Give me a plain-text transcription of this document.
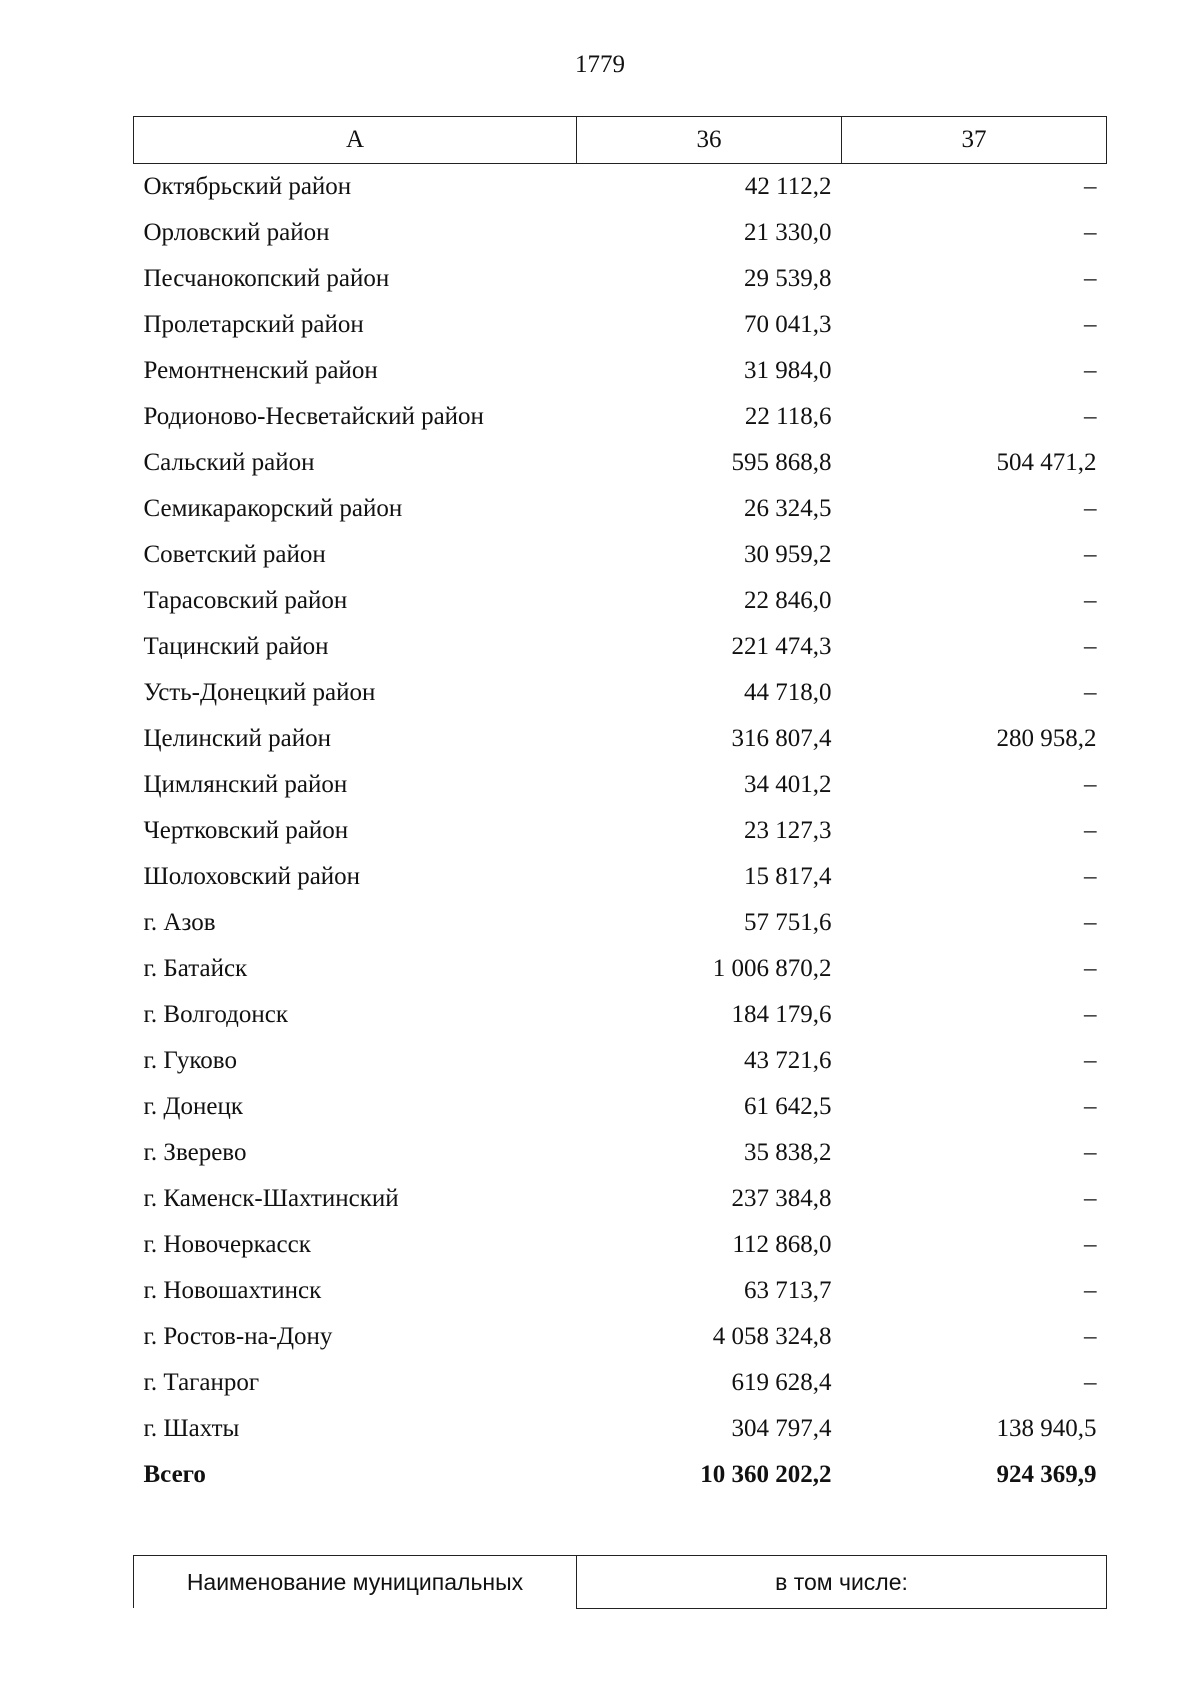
1779
А	36	37
Октябрьский район	42 112,2	–
Орловский район	21 330,0	–
Песчанокопский район	29 539,8	–
Пролетарский район	70 041,3	–
Ремонтненский район	31 984,0	–
Родионово-Несветайский район	22 118,6	–
Сальский район	595 868,8	504 471,2
Семикаракорский район	26 324,5	–
Советский район	30 959,2	–
Тарасовский район	22 846,0	–
Тацинский район	221 474,3	–
Усть-Донецкий район	44 718,0	–
Целинский район	316 807,4	280 958,2
Цимлянский район	34 401,2	–
Чертковский район	23 127,3	–
Шолоховский район	15 817,4	–
г. Азов	57 751,6	–
г. Батайск	1 006 870,2	–
г. Волгодонск	184 179,6	–
г. Гуково	43 721,6	–
г. Донецк	61 642,5	–
г. Зверево	35 838,2	–
г. Каменск-Шахтинский	237 384,8	–
г. Новочеркасск	112 868,0	–
г. Новошахтинск	63 713,7	–
г. Ростов-на-Дону	4 058 324,8	–
г. Таганрог	619 628,4	–
г. Шахты	304 797,4	138 940,5
Всего	10 360 202,2	924 369,9
Наименование муниципальных	в том числе:
